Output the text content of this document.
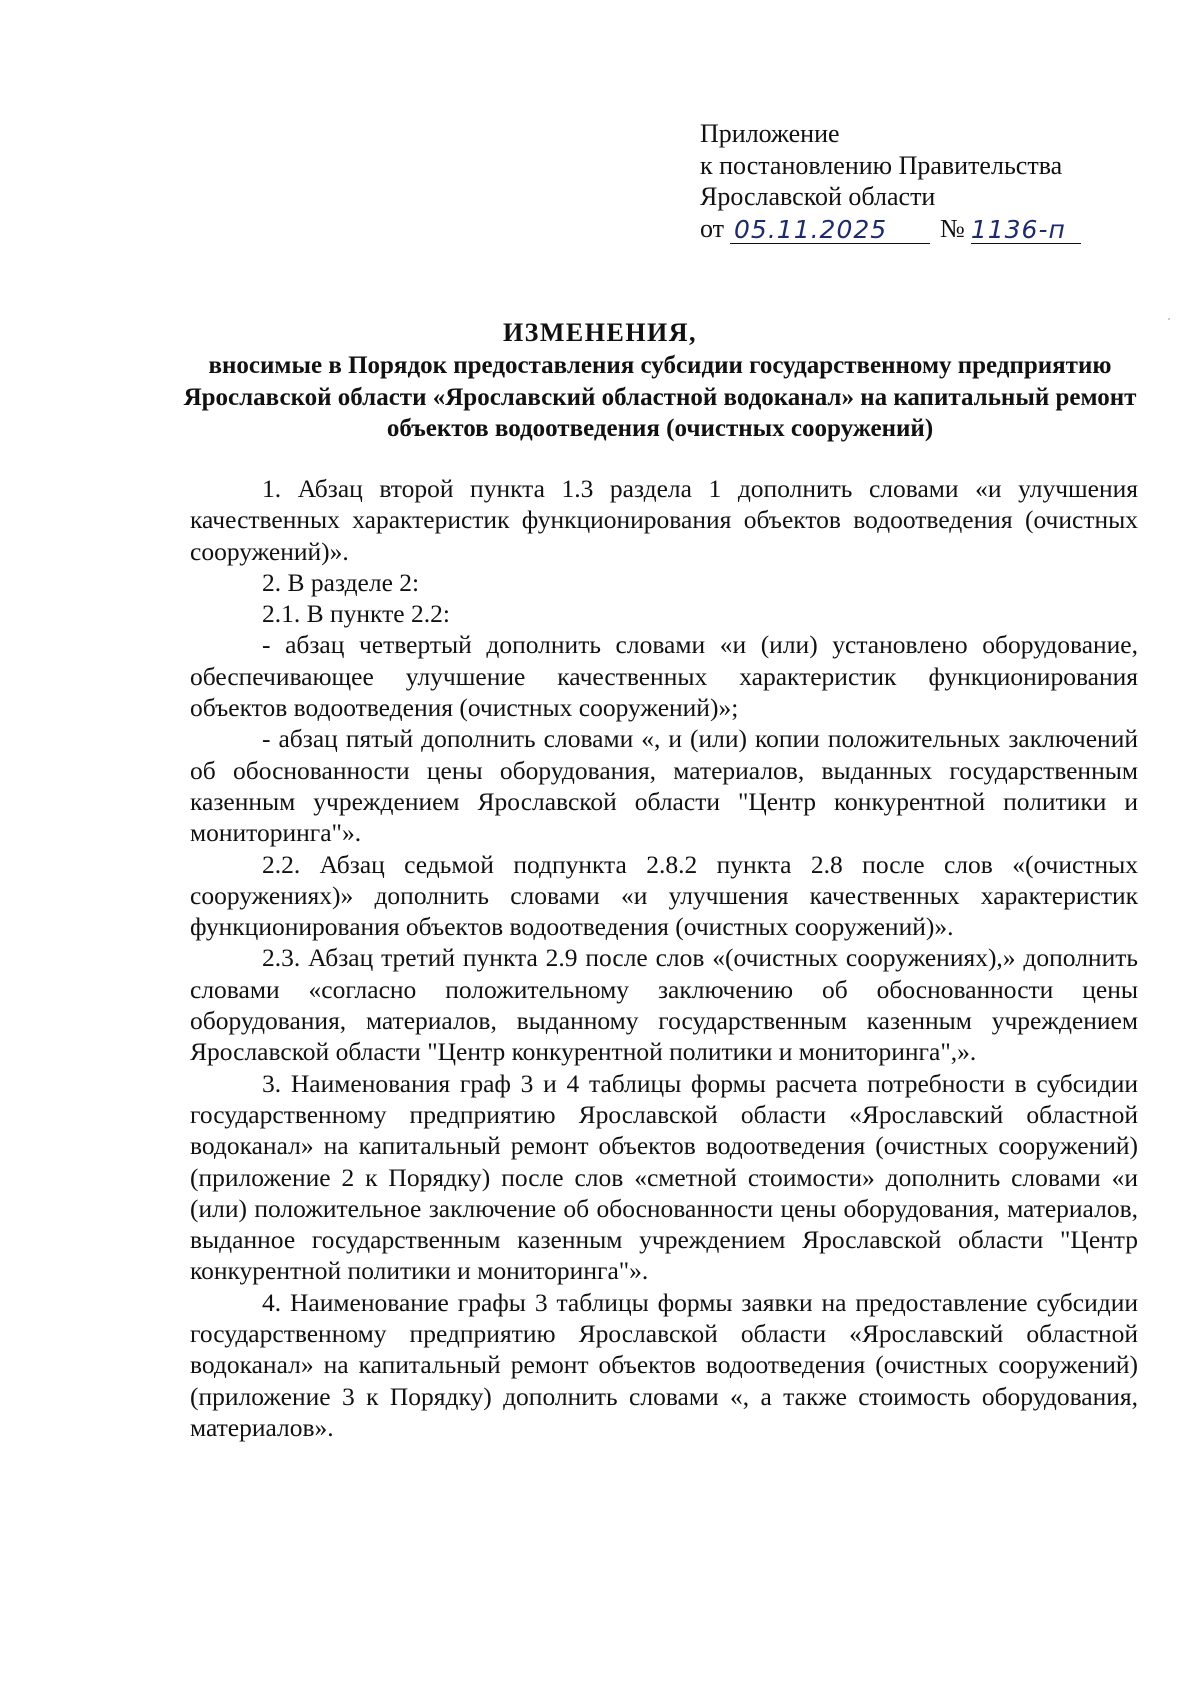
Приложение
к постановлению Правительства
Ярославской области
от 05.11.2025 № 1136-п
ИЗМЕНЕНИЯ,
вносимые в Порядок предоставления субсидии государственному предприятию Ярославской области «Ярославский областной водоканал» на капитальный ремонт объектов водоотведения (очистных сооружений)

1. Абзац второй пункта 1.3 раздела 1 дополнить словами «и улучшения качественных характеристик функционирования объектов водоотведения (очистных сооружений)».

2. В разделе 2:

2.1. В пункте 2.2:

- абзац четвертый дополнить словами «и (или) установлено оборудование, обеспечивающее улучшение качественных характеристик функционирования объектов водоотведения (очистных сооружений)»;

- абзац пятый дополнить словами «, и (или) копии положительных заключений об обоснованности цены оборудования, материалов, выданных государственным казенным учреждением Ярославской области "Центр конкурентной политики и мониторинга"».

2.2. Абзац седьмой подпункта 2.8.2 пункта 2.8 после слов «(очистных сооружениях)» дополнить словами «и улучшения качественных характеристик функционирования объектов водоотведения (очистных сооружений)».

2.3. Абзац третий пункта 2.9 после слов «(очистных сооружениях),» дополнить словами «согласно положительному заключению об обоснованности цены оборудования, материалов, выданному государственным казенным учреждением Ярославской области "Центр конкурентной политики и мониторинга",».

3. Наименования граф 3 и 4 таблицы формы расчета потребности в субсидии государственному предприятию Ярославской области «Ярославский областной водоканал» на капитальный ремонт объектов водоотведения (очистных сооружений) (приложение 2 к Порядку) после слов «сметной стоимости» дополнить словами «и (или) положительное заключение об обоснованности цены оборудования, материалов, выданное государственным казенным учреждением Ярославской области "Центр конкурентной политики и мониторинга"».

4. Наименование графы 3 таблицы формы заявки на предоставление субсидии государственному предприятию Ярославской области «Ярославский областной водоканал» на капитальный ремонт объектов водоотведения (очистных сооружений) (приложение 3 к Порядку) дополнить словами «, а также стоимость оборудования, материалов».
